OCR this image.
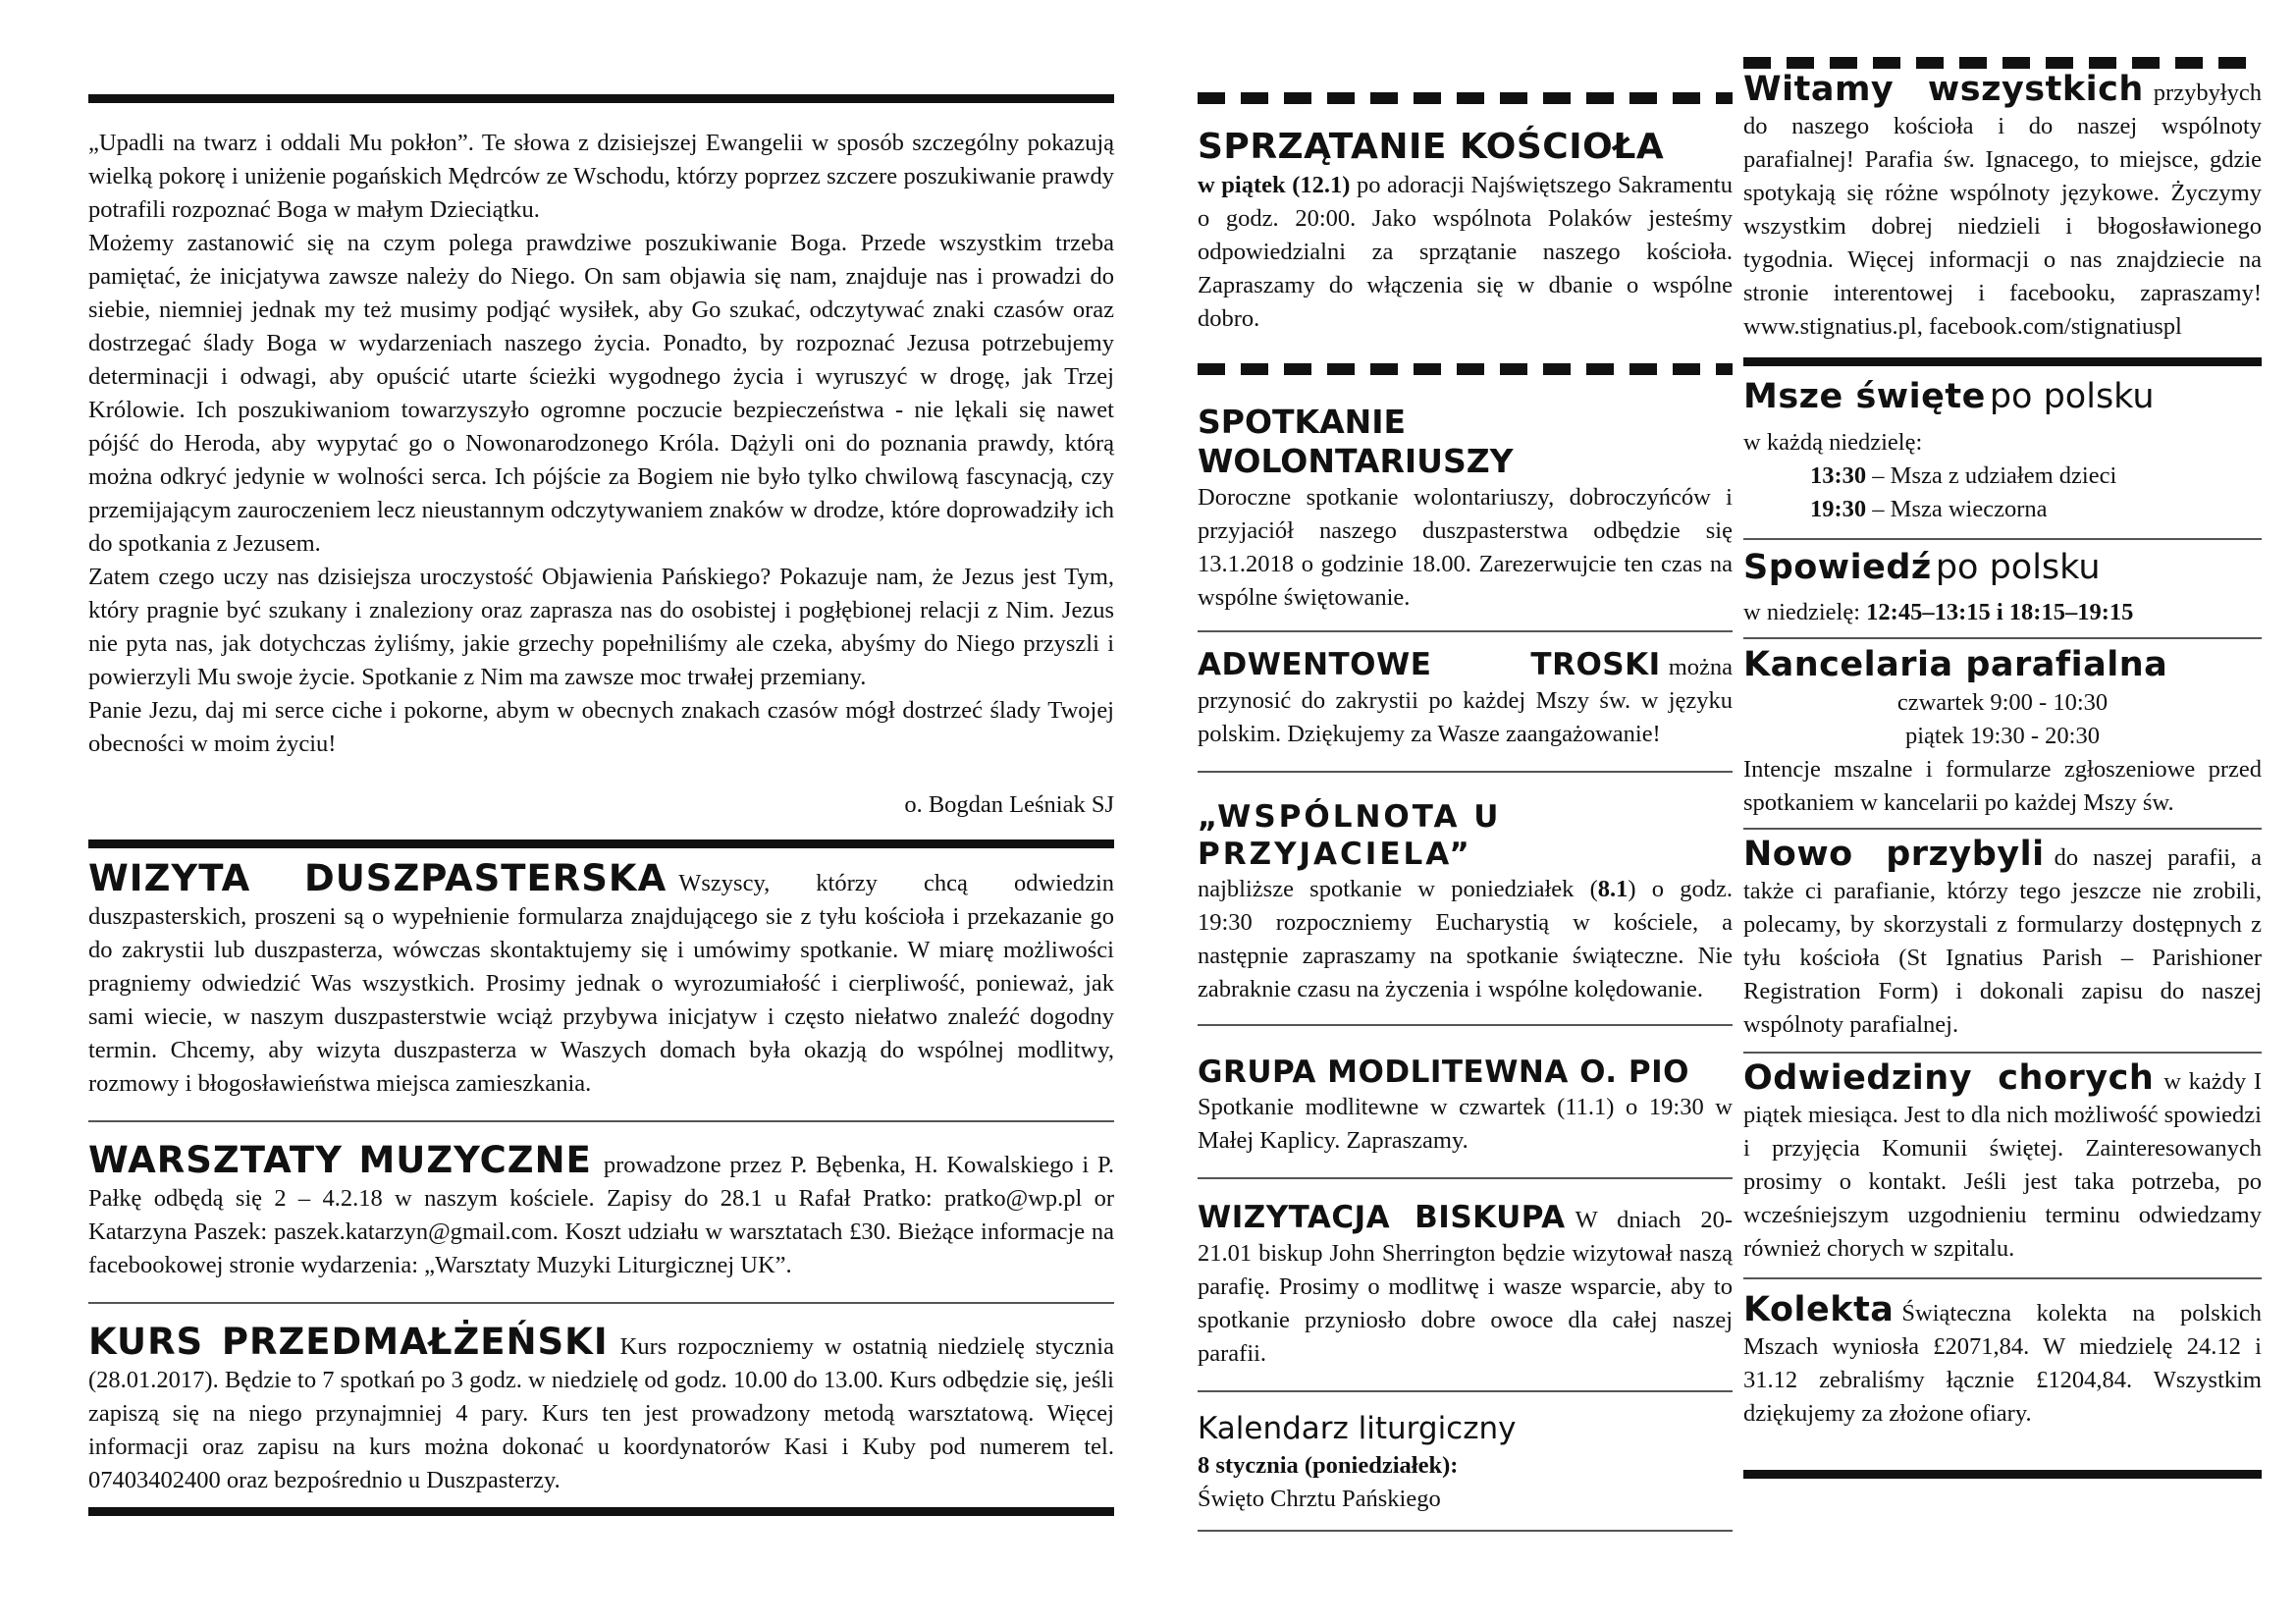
„Upadli na twarz i oddali Mu pokłon”. Te słowa z dzisiejszej Ewangelii w sposób szczególny pokazują wielką pokorę i uniżenie pogańskich Mędrców ze Wschodu, którzy poprzez szczere poszukiwanie prawdy potrafili rozpoznać Boga w małym Dzieciątku.

Możemy zastanowić się na czym polega prawdziwe poszukiwanie Boga. Przede wszystkim trzeba pamiętać, że inicjatywa zawsze należy do Niego. On sam objawia się nam, znajduje nas i prowadzi do siebie, niemniej jednak my też musimy podjąć wysiłek, aby Go szukać, odczytywać znaki czasów oraz dostrzegać ślady Boga w wydarzeniach naszego życia. Ponadto, by rozpoznać Jezusa potrzebujemy determinacji i odwagi, aby opuścić utarte ścieżki wygodnego życia i wyruszyć w drogę, jak Trzej Królowie. Ich poszukiwaniom towarzyszyło ogromne poczucie bezpieczeństwa - nie lękali się nawet pójść do Heroda, aby wypytać go o Nowonarodzonego Króla. Dążyli oni do poznania prawdy, którą można odkryć jedynie w wolności serca. Ich pójście za Bogiem nie było tylko chwilową fascynacją, czy przemijającym zauroczeniem lecz nieustannym odczytywaniem znaków w drodze, które doprowadziły ich do spotkania z Jezusem.

Zatem czego uczy nas dzisiejsza uroczystość Objawienia Pańskiego? Pokazuje nam, że Jezus jest Tym, który pragnie być szukany i znaleziony oraz zaprasza nas do osobistej i pogłębionej relacji z Nim. Jezus nie pyta nas, jak dotychczas żyliśmy, jakie grzechy popełniliśmy ale czeka, abyśmy do Niego przyszli i powierzyli Mu swoje życie. Spotkanie z Nim ma zawsze moc trwałej przemiany.

Panie Jezu, daj mi serce ciche i pokorne, abym w obecnych znakach czasów mógł dostrzeć ślady Twojej obecności w moim życiu!

o. Bogdan Leśniak SJ

WIZYTA DUSZPASTERSKA Wszyscy, którzy chcą odwiedzin duszpasterskich, proszeni są o wypełnienie formularza znajdującego sie z tyłu kościoła i przekazanie go do zakrystii lub duszpasterza, wówczas skontaktujemy się i umówimy spotkanie. W miarę możliwości pragniemy odwiedzić Was wszystkich. Prosimy jednak o wyrozumiałość i cierpliwość, ponieważ, jak sami wiecie, w naszym duszpasterstwie wciąż przybywa inicjatyw i często niełatwo znaleźć dogodny termin. Chcemy, aby wizyta duszpasterza w Waszych domach była okazją do wspólnej modlitwy, rozmowy i błogosławieństwa miejsca zamieszkania.

WARSZTATY MUZYCZNE prowadzone przez P. Bębenka, H. Kowalskiego i P. Pałkę odbędą się 2 – 4.2.18 w naszym kościele. Zapisy do 28.1 u Rafał Pratko: pratko@wp.pl or Katarzyna Paszek: paszek.katarzyn@gmail.com. Koszt udziału w warsztatach £30. Bieżące informacje na facebookowej stronie wydarzenia: „Warsztaty Muzyki Liturgicznej UK”.

KURS PRZEDMAŁŻEŃSKI Kurs rozpoczniemy w ostatnią niedzielę stycznia (28.01.2017). Będzie to 7 spotkań po 3 godz. w niedzielę od godz. 10.00 do 13.00. Kurs odbędzie się, jeśli zapiszą się na niego przynajmniej 4 pary. Kurs ten jest prowadzony metodą warsztatową. Więcej informacji oraz zapisu na kurs można dokonać u koordynatorów Kasi i Kuby pod numerem tel. 07403402400 oraz bezpośrednio u Duszpasterzy.

SPRZĄTANIE KOŚCIOŁA

w piątek (12.1) po adoracji Najświętszego Sakramentu o godz. 20:00. Jako wspólnota Polaków jesteśmy odpowiedzialni za sprzątanie naszego kościoła. Zapraszamy do włączenia się w dbanie o wspólne dobro.

SPOTKANIE WOLONTARIUSZY

Doroczne spotkanie wolontariuszy, dobroczyńców i przyjaciół naszego duszpasterstwa odbędzie się 13.1.2018 o godzinie 18.00. Zarezerwujcie ten czas na wspólne świętowanie.

ADWENTOWE TROSKI można przynosić do zakrystii po każdej Mszy św. w języku polskim. Dziękujemy za Wasze zaangażowanie!

„WSPÓLNOTA U PRZYJACIELA”

najbliższe spotkanie w poniedziałek (8.1) o godz. 19:30 rozpoczniemy Eucharystią w kościele, a następnie zapraszamy na spotkanie świąteczne. Nie zabraknie czasu na życzenia i wspólne kolędowanie.

GRUPA MODLITEWNA O. PIO

Spotkanie modlitewne w czwartek (11.1) o 19:30 w Małej Kaplicy. Zapraszamy.

WIZYTACJA BISKUPA W dniach 20-21.01 biskup John Sherrington będzie wizytował naszą parafię. Prosimy o modlitwę i wasze wsparcie, aby to spotkanie przyniosło dobre owoce dla całej naszej parafii.

Kalendarz liturgiczny

8 stycznia (poniedziałek):

Święto Chrztu Pańskiego

Witamy wszystkich przybyłych do naszego kościoła i do naszej wspólnoty parafialnej! Parafia św. Ignacego, to miejsce, gdzie spotykają się różne wspólnoty językowe. Życzymy wszystkim dobrej niedzieli i błogosławionego tygodnia. Więcej informacji o nas znajdziecie na stronie interentowej i facebooku, zapraszamy! www.stignatius.pl, facebook.com/stignatiuspl

Msze święte po polsku

w każdą niedzielę:

13:30 – Msza z udziałem dzieci

19:30 – Msza wieczorna

Spowiedź po polsku

w niedzielę: 12:45–13:15 i 18:15–19:15

Kancelaria parafialna

czwartek 9:00 - 10:30

piątek 19:30 - 20:30

Intencje mszalne i formularze zgłoszeniowe przed spotkaniem w kancelarii po każdej Mszy św.

Nowo przybyli do naszej parafii, a także ci parafianie, którzy tego jeszcze nie zrobili, polecamy, by skorzystali z formularzy dostępnych z tyłu kościoła (St Ignatius Parish – Parishioner Registration Form) i dokonali zapisu do naszej wspólnoty parafialnej.

Odwiedziny chorych w każdy I piątek miesiąca. Jest to dla nich możliwość spowiedzi i przyjęcia Komunii świętej. Zainteresowanych prosimy o kontakt. Jeśli jest taka potrzeba, po wcześniejszym uzgodnieniu terminu odwiedzamy również chorych w szpitalu.

Kolekta Świąteczna kolekta na polskich Mszach wyniosła £2071,84. W miedzielę 24.12 i 31.12 zebraliśmy łącznie £1204,84. Wszystkim dziękujemy za złożone ofiary.
